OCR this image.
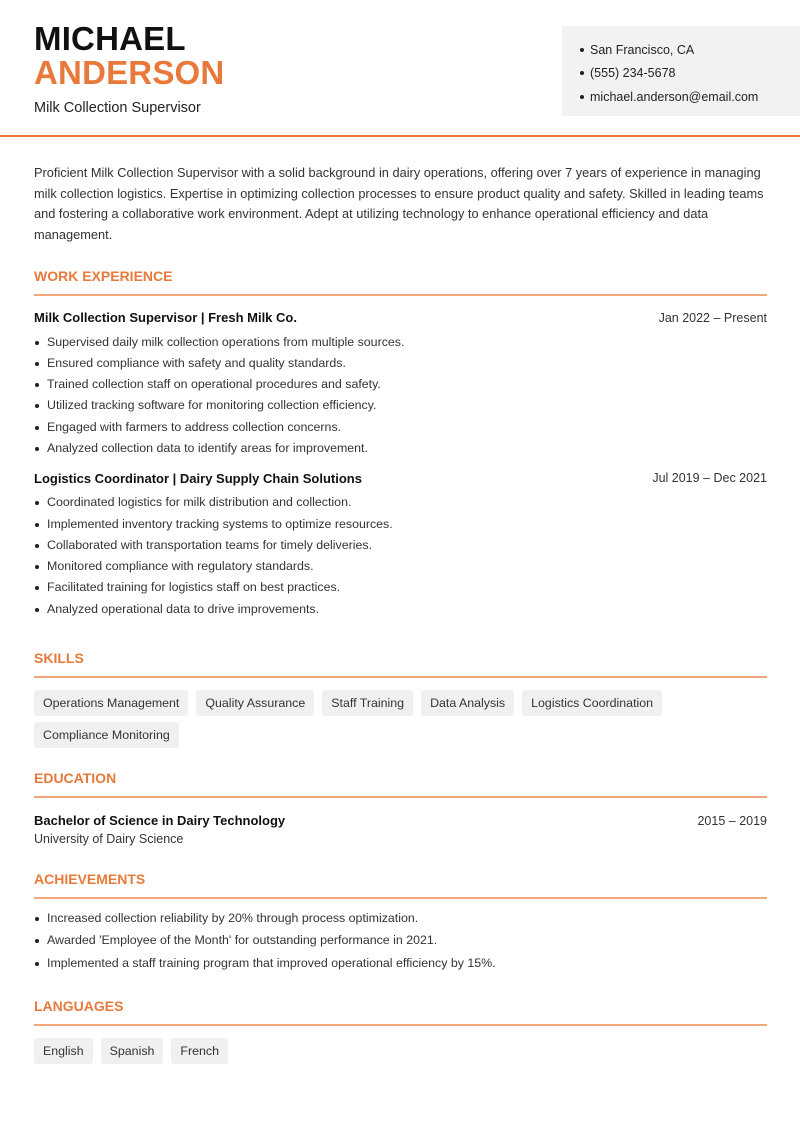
MICHAEL
ANDERSON
Milk Collection Supervisor
San Francisco, CA
(555) 234-5678
michael.anderson@email.com

Proficient Milk Collection Supervisor with a solid background in dairy operations, offering over 7 years of experience in managing milk collection logistics. Expertise in optimizing collection processes to ensure product quality and safety. Skilled in leading teams and fostering a collaborative work environment. Adept at utilizing technology to enhance operational efficiency and data management.

WORK EXPERIENCE
Milk Collection Supervisor | Fresh Milk Co.	Jan 2022 – Present
Supervised daily milk collection operations from multiple sources.
Ensured compliance with safety and quality standards.
Trained collection staff on operational procedures and safety.
Utilized tracking software for monitoring collection efficiency.
Engaged with farmers to address collection concerns.
Analyzed collection data to identify areas for improvement.
Logistics Coordinator | Dairy Supply Chain Solutions	Jul 2019 – Dec 2021
Coordinated logistics for milk distribution and collection.
Implemented inventory tracking systems to optimize resources.
Collaborated with transportation teams for timely deliveries.
Monitored compliance with regulatory standards.
Facilitated training for logistics staff on best practices.
Analyzed operational data to drive improvements.
SKILLS
Operations Management	Quality Assurance	Staff Training	Data Analysis	Logistics Coordination
Compliance Monitoring
EDUCATION
Bachelor of Science in Dairy Technology	2015 – 2019
University of Dairy Science
ACHIEVEMENTS
Increased collection reliability by 20% through process optimization.
Awarded 'Employee of the Month' for outstanding performance in 2021.
Implemented a staff training program that improved operational efficiency by 15%.
LANGUAGES
English	Spanish	French
